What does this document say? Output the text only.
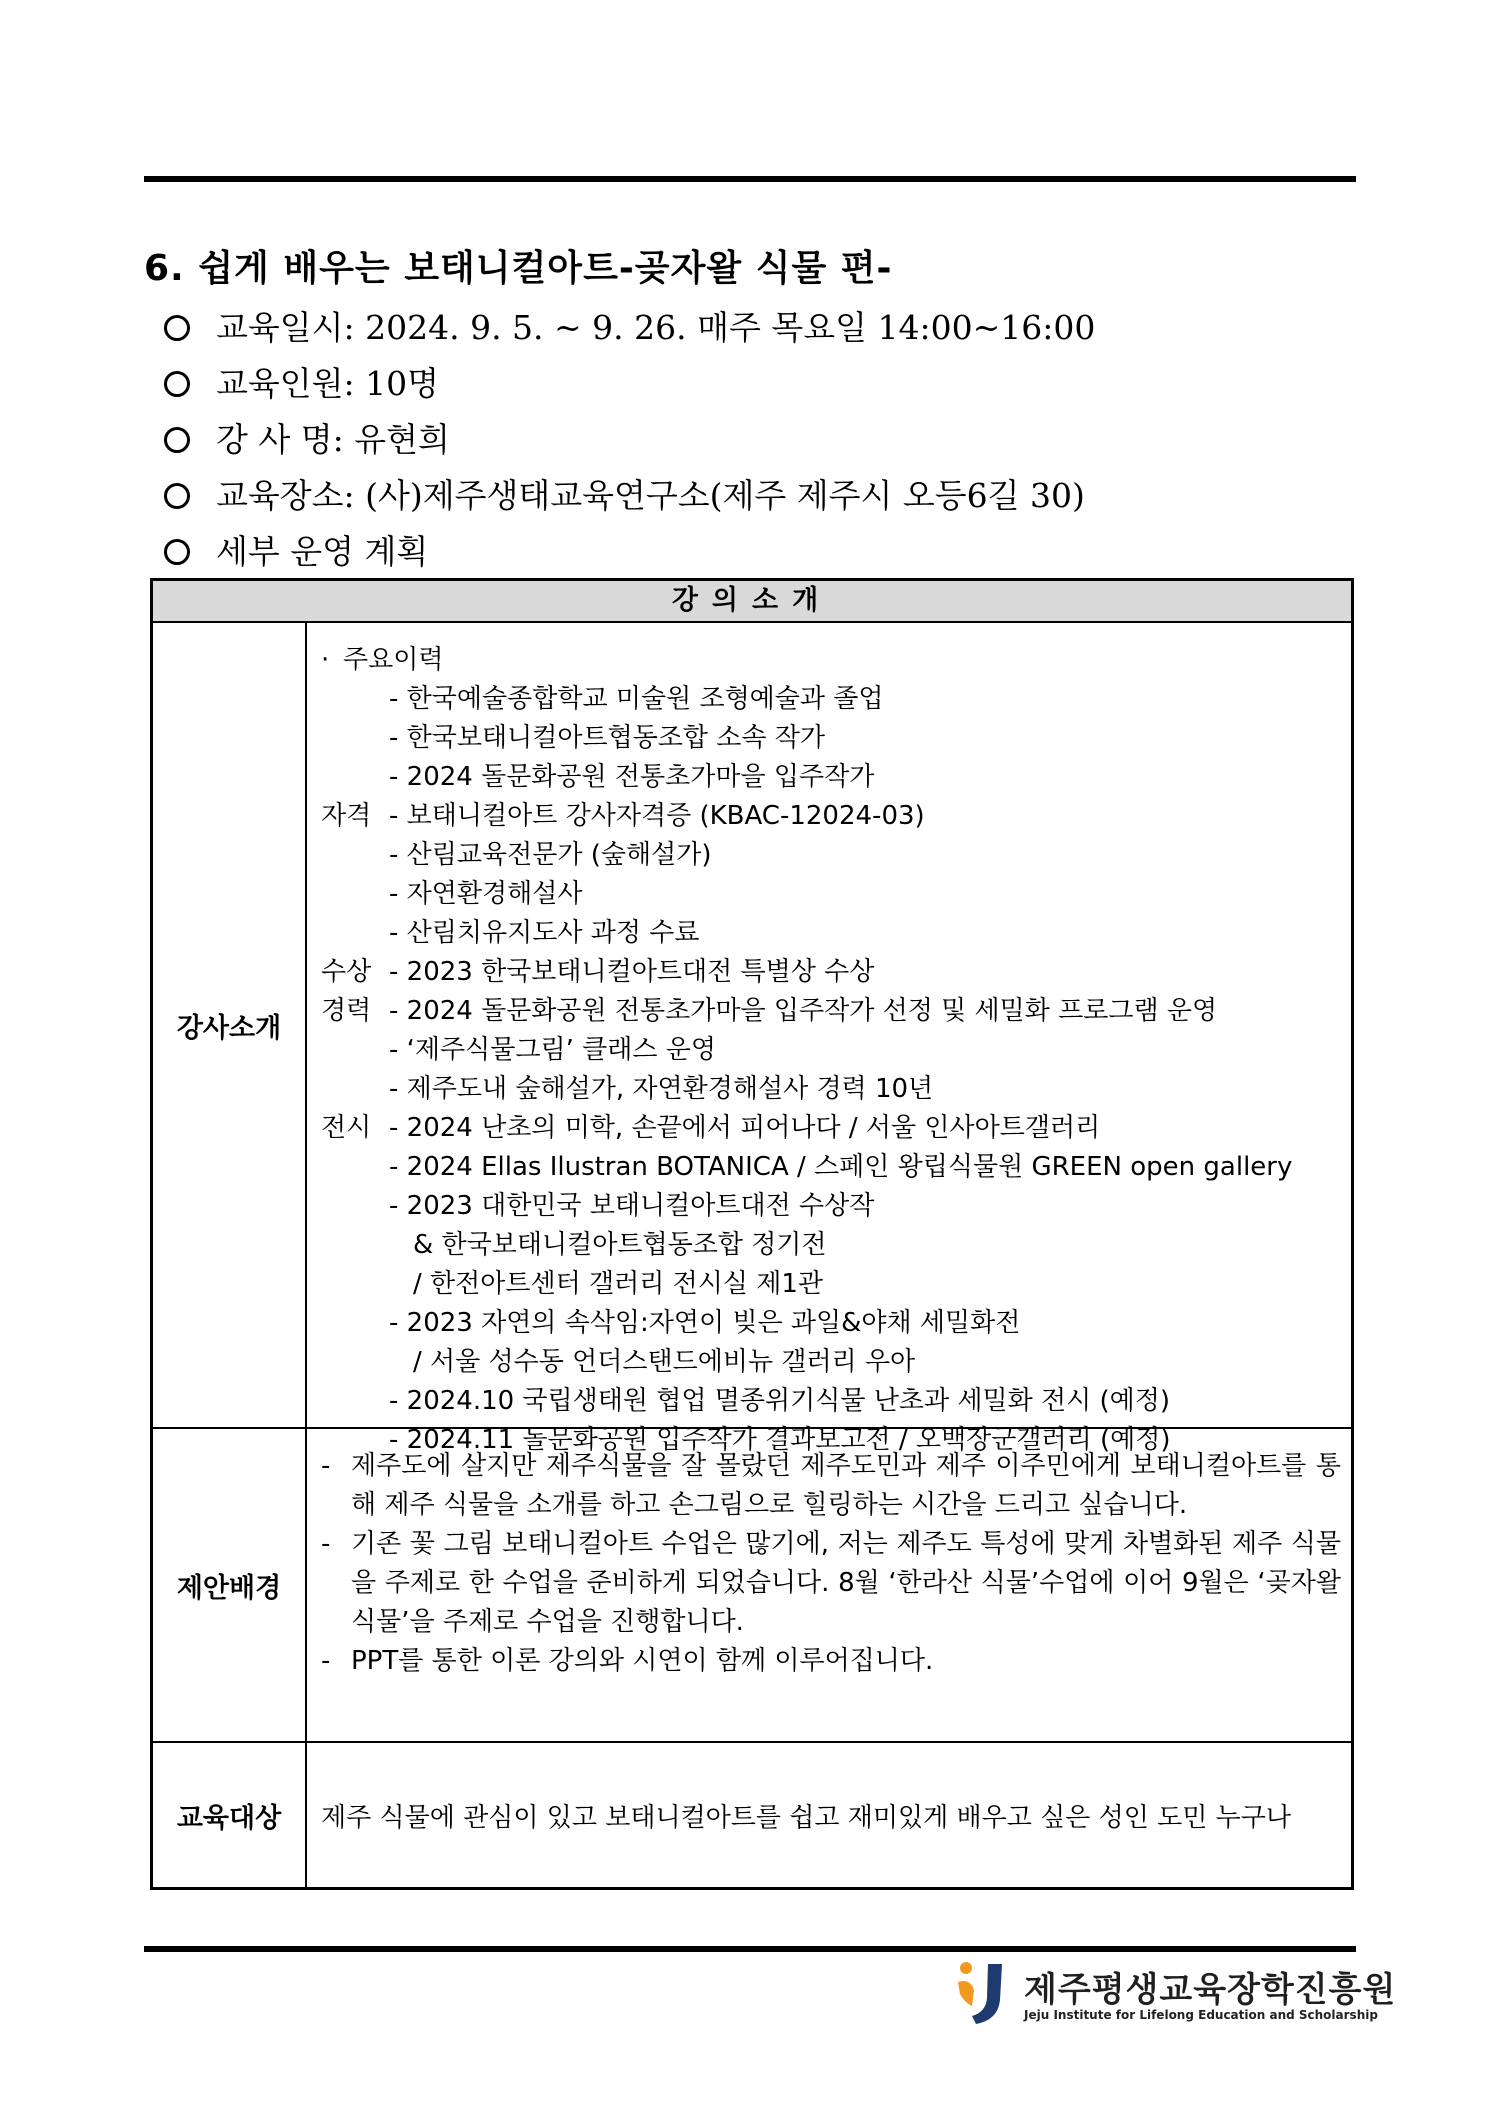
6. 쉽게 배우는 보태니컬아트-곶자왈 식물 편-
교육일시: 2024. 9. 5. ~ 9. 26. 매주 목요일 14:00~16:00
교육인원: 10명
강 사 명: 유현희
교육장소: (사)제주생태교육연구소(제주 제주시 오등6길 30)
세부 운영 계획
강의소개
강사소개
· 주요이력
- 한국예술종합학교 미술원 조형예술과 졸업
- 한국보태니컬아트협동조합 소속 작가
- 2024 돌문화공원 전통초가마을 입주작가
자격 - 보태니컬아트 강사자격증 (KBAC-12024-03)
- 산림교육전문가 (숲해설가)
- 자연환경해설사
- 산림치유지도사 과정 수료
수상 - 2023 한국보태니컬아트대전 특별상 수상
경력 - 2024 돌문화공원 전통초가마을 입주작가 선정 및 세밀화 프로그램 운영
- ‘제주식물그림’ 클래스 운영
- 제주도내 숲해설가, 자연환경해설사 경력 10년
전시 - 2024 난초의 미학, 손끝에서 피어나다 / 서울 인사아트갤러리
- 2024 Ellas Ilustran BOTANICA / 스페인 왕립식물원 GREEN open gallery
- 2023 대한민국 보태니컬아트대전 수상작
& 한국보태니컬아트협동조합 정기전
/ 한전아트센터 갤러리 전시실 제1관
- 2023 자연의 속삭임:자연이 빚은 과일&야채 세밀화전
/ 서울 성수동 언더스탠드에비뉴 갤러리 우아
- 2024.10 국립생태원 협업 멸종위기식물 난초과 세밀화 전시 (예정)
- 2024.11 돌문화공원 입주작가 결과보고전 / 오백장군갤러리 (예정)
제안배경
- 제주도에 살지만 제주식물을 잘 몰랐던 제주도민과 제주 이주민에게 보태니컬아트를 통해 제주 식물을 소개를 하고 손그림으로 힐링하는 시간을 드리고 싶습니다.
- 기존 꽃 그림 보태니컬아트 수업은 많기에, 저는 제주도 특성에 맞게 차별화된 제주 식물을 주제로 한 수업을 준비하게 되었습니다. 8월 ‘한라산 식물’수업에 이어 9월은 ‘곶자왈 식물’을 주제로 수업을 진행합니다.
- PPT를 통한 이론 강의와 시연이 함께 이루어집니다.
교육대상	제주 식물에 관심이 있고 보태니컬아트를 쉽고 재미있게 배우고 싶은 성인 도민 누구나
제주평생교육장학진흥원
Jeju Institute for Lifelong Education and Scholarship
